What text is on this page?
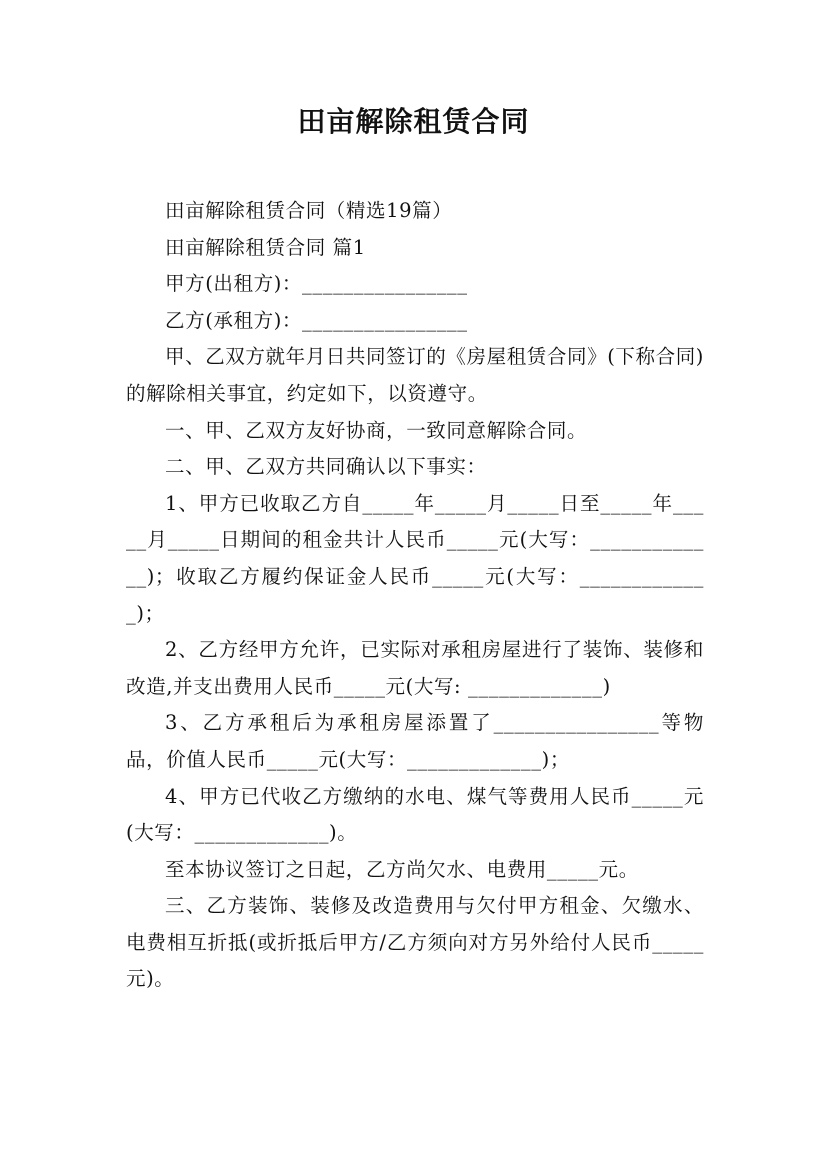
田亩解除租赁合同

田亩解除租赁合同（精选19篇）

田亩解除租赁合同 篇1

甲方(出租方)：________________

乙方(承租方)：________________

甲、乙双方就年月日共同签订的《房屋租赁合同》(下称合同)的解除相关事宜，约定如下，以资遵守。

一、甲、乙双方友好协商，一致同意解除合同。

二、甲、乙双方共同确认以下事实：

1、甲方已收取乙方自_____年_____月_____日至_____年_____月_____日期间的租金共计人民币_____元(大写：_____________)；收取乙方履约保证金人民币_____元(大写：_____________)；

2、乙方经甲方允许，已实际对承租房屋进行了装饰、装修和改造,并支出费用人民币_____元(大写: _____________)

3、乙方承租后为承租房屋添置了________________等物品，价值人民币_____元(大写：_____________)；

4、甲方已代收乙方缴纳的水电、煤气等费用人民币_____元(大写：_____________)。

至本协议签订之日起，乙方尚欠水、电费用_____元。

三、乙方装饰、装修及改造费用与欠付甲方租金、欠缴水、电费相互折抵(或折抵后甲方/乙方须向对方另外给付人民币_____元)。
